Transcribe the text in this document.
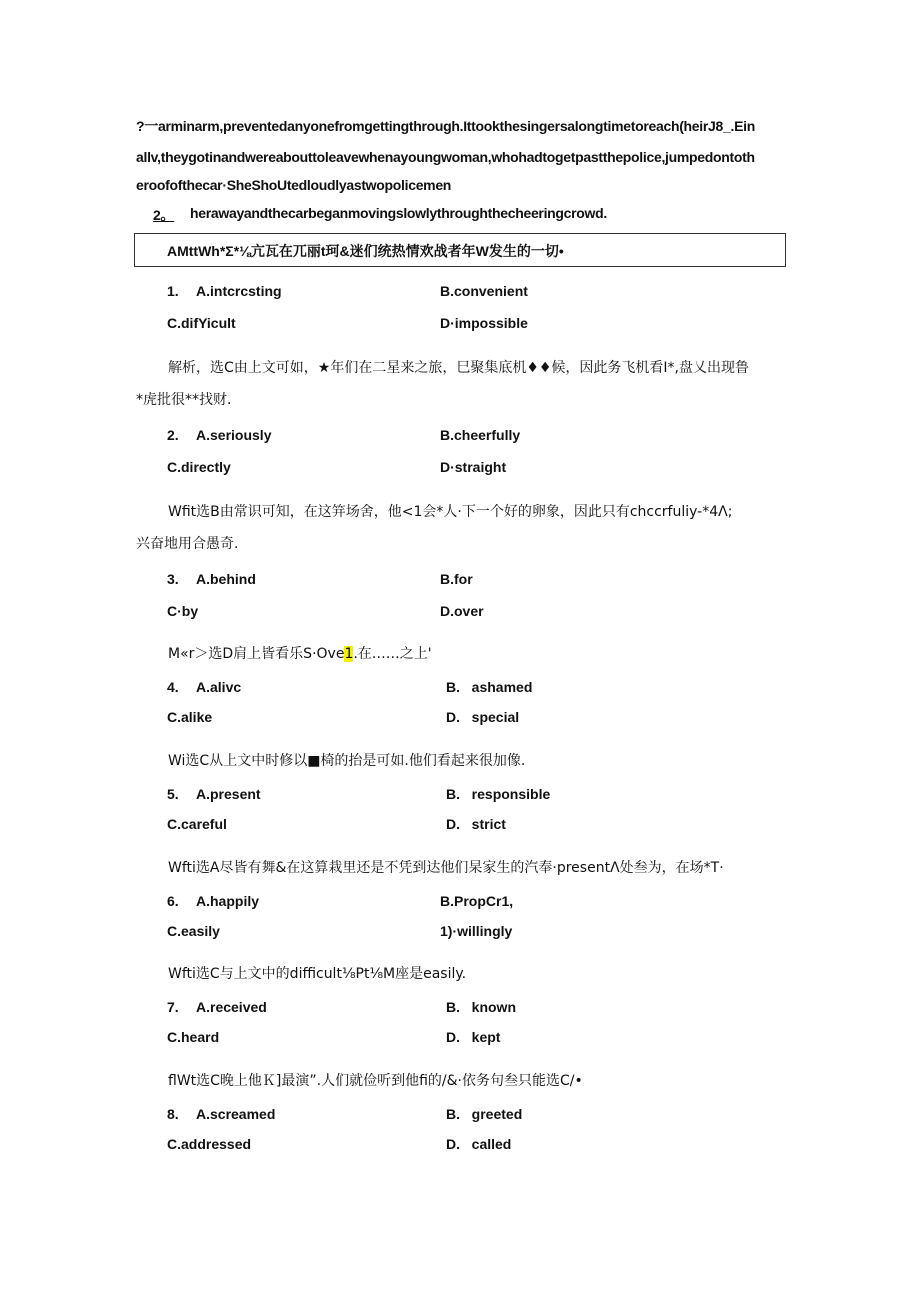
?一arminarm,preventedanyonefromgettingthrough.Ittookthesingersalongtimetoreach(heirJ8_.Ein
allv,theygotinandwereabouttoleavewhenayoungwoman,whohadtogetpastthepolice,jumpedontoth
eroofofthecar·SheShoUtedloudlyastwopolicemen
2。 herawayandthecarbeganmovingslowlythroughthecheeringcrowd.
AMttWh*Σ*⅛亢瓦在兀丽t珂&迷们统热情欢战者年W发生的一切•
1. A.intcrcsting	B.convenient
C.difYicult	D·impossible
解析，选C由上文可如，★年们在二星来之旅，巳聚集底机♦♦候，因此务飞机看I*,盘乂出现鲁
*虎批很**找财.
2. A.seriously	B.cheerfully
C.directly	D·straight
Wfit选B由常识可知，在这笄场舍，他<1会*人·下一个好的卵象，因此只有chccrfuliy-*4Λ;
兴奋地用合愚奇.
3. A.behind	B.for
C·by	D.over
M«r＞选D肩上皆看乐S·Ove1.在……之上'
4. A.alivc	B.   ashamed
C.alike	D.   special
Wi选C从上文中时修以■椅的抬是可如.他们看起来很加像.
5. A.present	B.   responsible
C.careful	D.   strict
Wfti选A尽皆有舞&在这算栽里还是不凭到达他们杲家生的汽奉·presentΛ处叁为，在场*T·
6. A.happily	B.PropCr1,
C.easily	1)·willingly
Wfti选C与上文中的difficult⅛Pt⅛M座是easily.
7. A.received	B.   known
C.heard	D.   kept
flWt选C晚上他Ｋ]最演”.人们就俭听到他fi的/&·依务句叁只能选C/•
8. A.screamed	B.   greeted
C.addressed	D.   called
